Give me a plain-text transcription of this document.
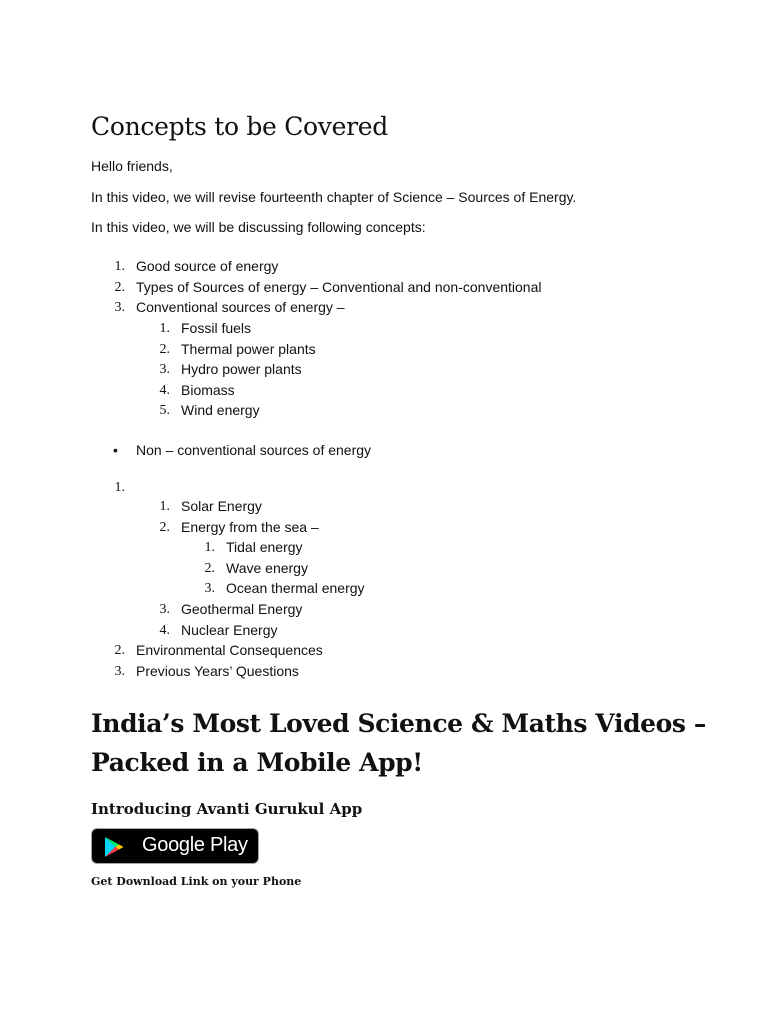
Concepts to be Covered

Hello friends,

In this video, we will revise fourteenth chapter of Science – Sources of Energy.

In this video, we will be discussing following concepts:

1. Good source of energy
2. Types of Sources of energy – Conventional and non-conventional
3. Conventional sources of energy –
1. Fossil fuels
2. Thermal power plants
3. Hydro power plants
4. Biomass
5. Wind energy
• Non – conventional sources of energy
1.
1. Solar Energy
2. Energy from the sea –
1. Tidal energy
2. Wave energy
3. Ocean thermal energy
3. Geothermal Energy
4. Nuclear Energy
2. Environmental Consequences
3. Previous Years’ Questions
India’s Most Loved Science & Maths Videos – Packed in a Mobile App!

Introducing Avanti Gurukul App

Google Play

Get Download Link on your Phone
